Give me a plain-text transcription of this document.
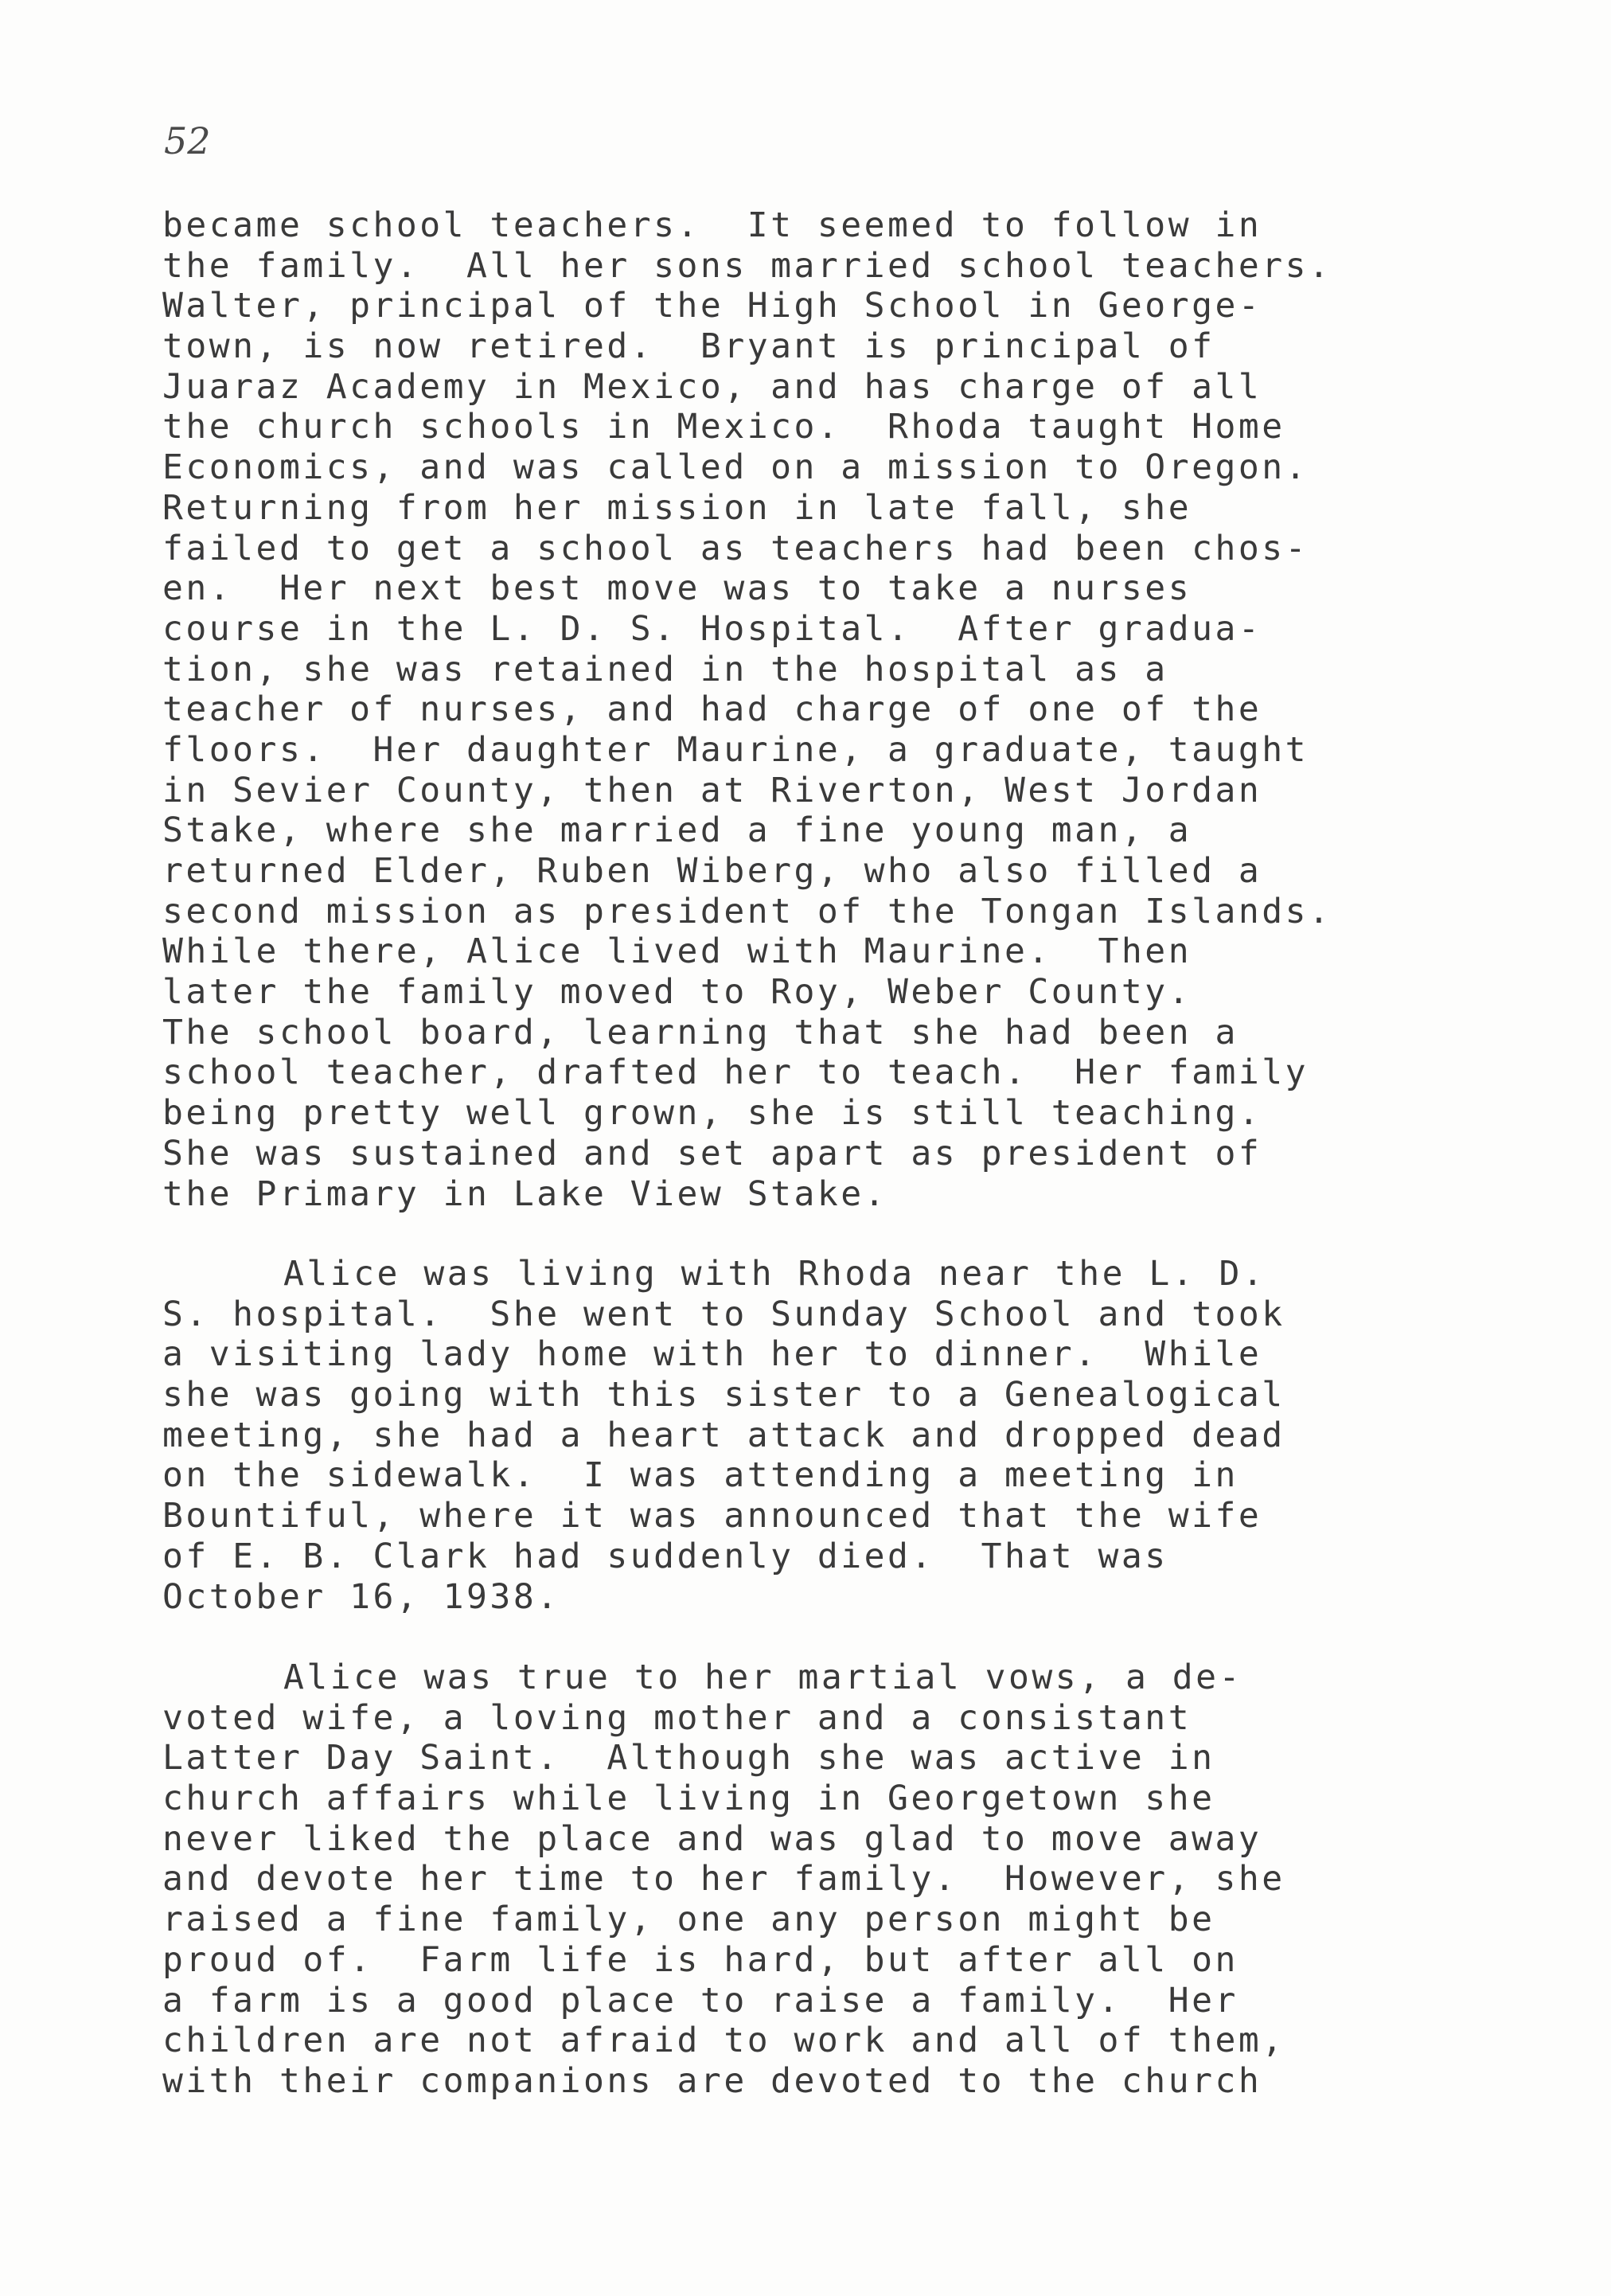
52
became school teachers.  It seemed to follow in
the family.  All her sons married school teachers.
Walter, principal of the High School in George-
town, is now retired.  Bryant is principal of
Juaraz Academy in Mexico, and has charge of all
the church schools in Mexico.  Rhoda taught Home
Economics, and was called on a mission to Oregon.
Returning from her mission in late fall, she
failed to get a school as teachers had been chos-
en.  Her next best move was to take a nurses
course in the L. D. S. Hospital.  After gradua-
tion, she was retained in the hospital as a
teacher of nurses, and had charge of one of the
floors.  Her daughter Maurine, a graduate, taught
in Sevier County, then at Riverton, West Jordan
Stake, where she married a fine young man, a
returned Elder, Ruben Wiberg, who also filled a
second mission as president of the Tongan Islands.
While there, Alice lived with Maurine.  Then
later the family moved to Roy, Weber County.
The school board, learning that she had been a
school teacher, drafted her to teach.  Her family
being pretty well grown, she is still teaching.
She was sustained and set apart as president of
the Primary in Lake View Stake.
Alice was living with Rhoda near the L. D.
S. hospital.  She went to Sunday School and took
a visiting lady home with her to dinner.  While
she was going with this sister to a Genealogical
meeting, she had a heart attack and dropped dead
on the sidewalk.  I was attending a meeting in
Bountiful, where it was announced that the wife
of E. B. Clark had suddenly died.  That was
October 16, 1938.
Alice was true to her martial vows, a de-
voted wife, a loving mother and a consistant
Latter Day Saint.  Although she was active in
church affairs while living in Georgetown she
never liked the place and was glad to move away
and devote her time to her family.  However, she
raised a fine family, one any person might be
proud of.  Farm life is hard, but after all on
a farm is a good place to raise a family.  Her
children are not afraid to work and all of them,
with their companions are devoted to the church
